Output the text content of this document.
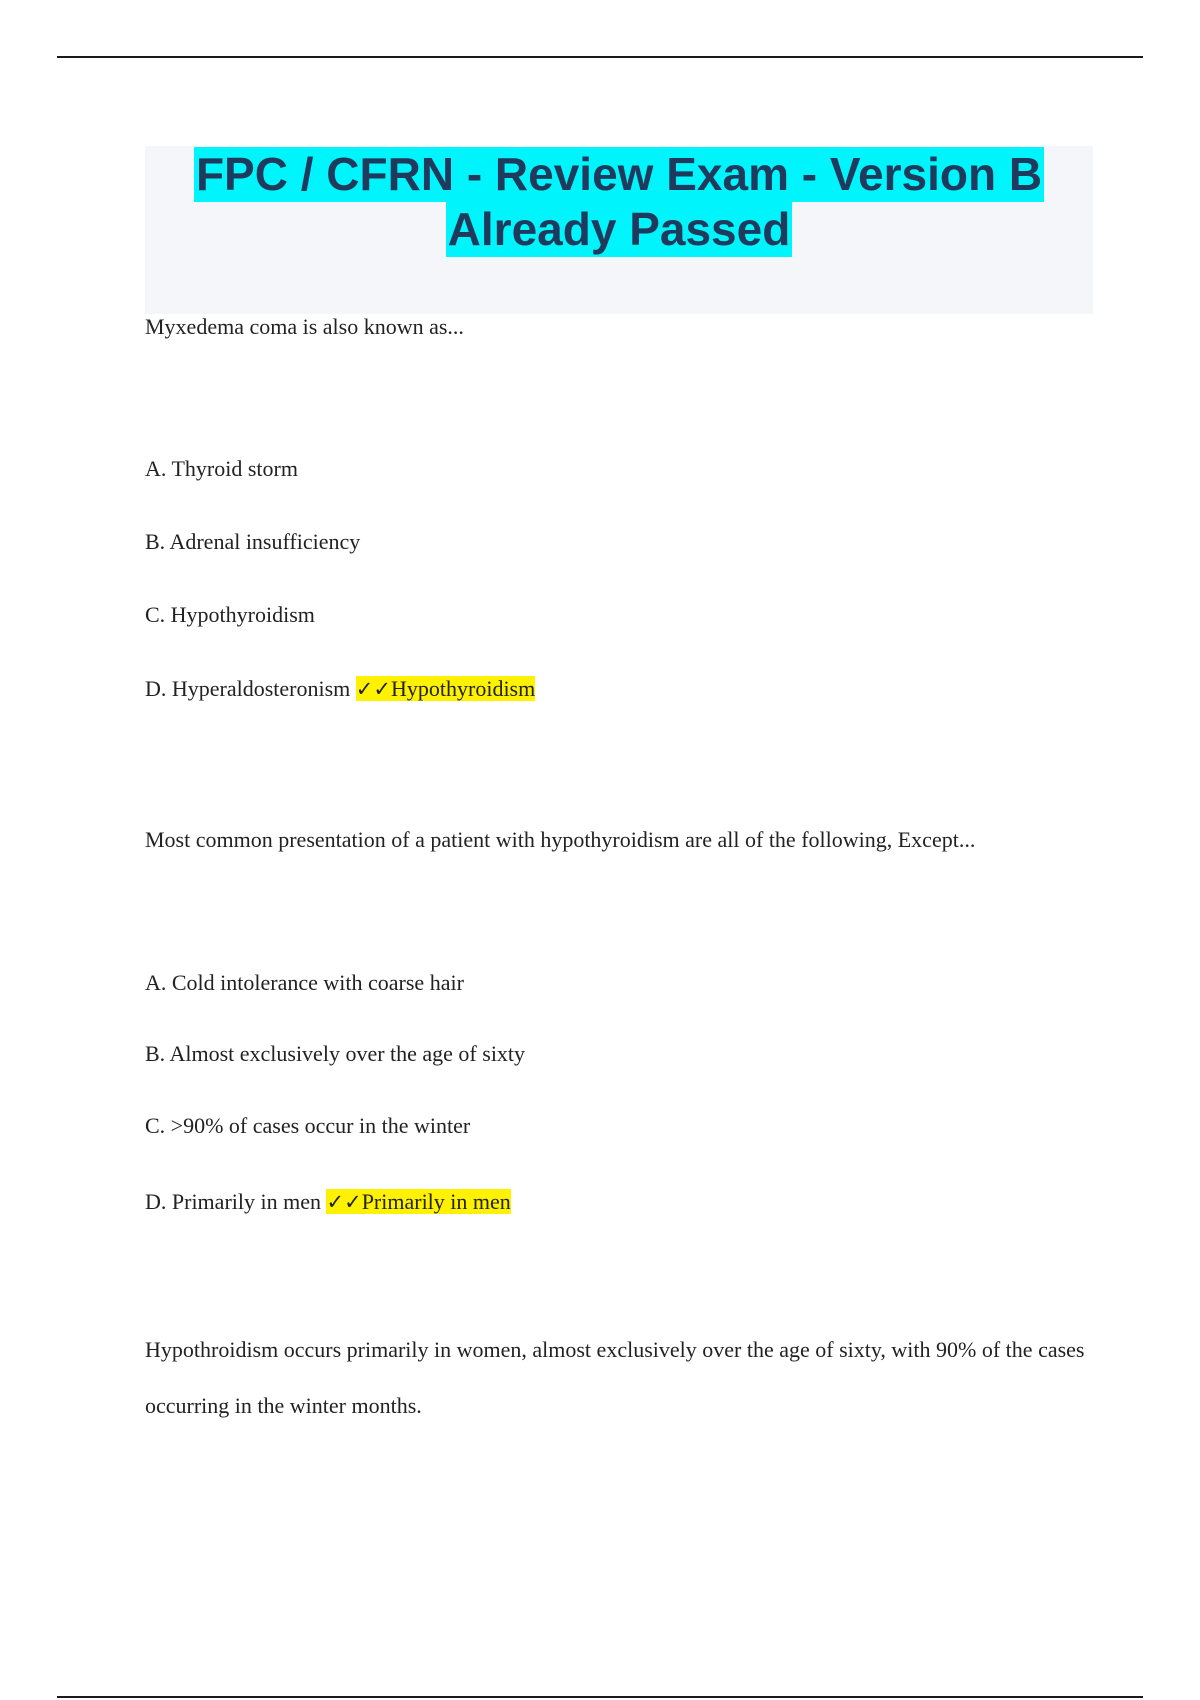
FPC / CFRN - Review Exam - Version B
Already Passed
Myxedema coma is also known as...
A. Thyroid storm
B. Adrenal insufficiency
C. Hypothyroidism
D. Hyperaldosteronism ✓✓Hypothyroidism
Most common presentation of a patient with hypothyroidism are all of the following, Except...
A. Cold intolerance with coarse hair
B. Almost exclusively over the age of sixty
C. >90% of cases occur in the winter
D. Primarily in men ✓✓Primarily in men
Hypothroidism occurs primarily in women, almost exclusively over the age of sixty, with 90% of the cases occurring in the winter months.
